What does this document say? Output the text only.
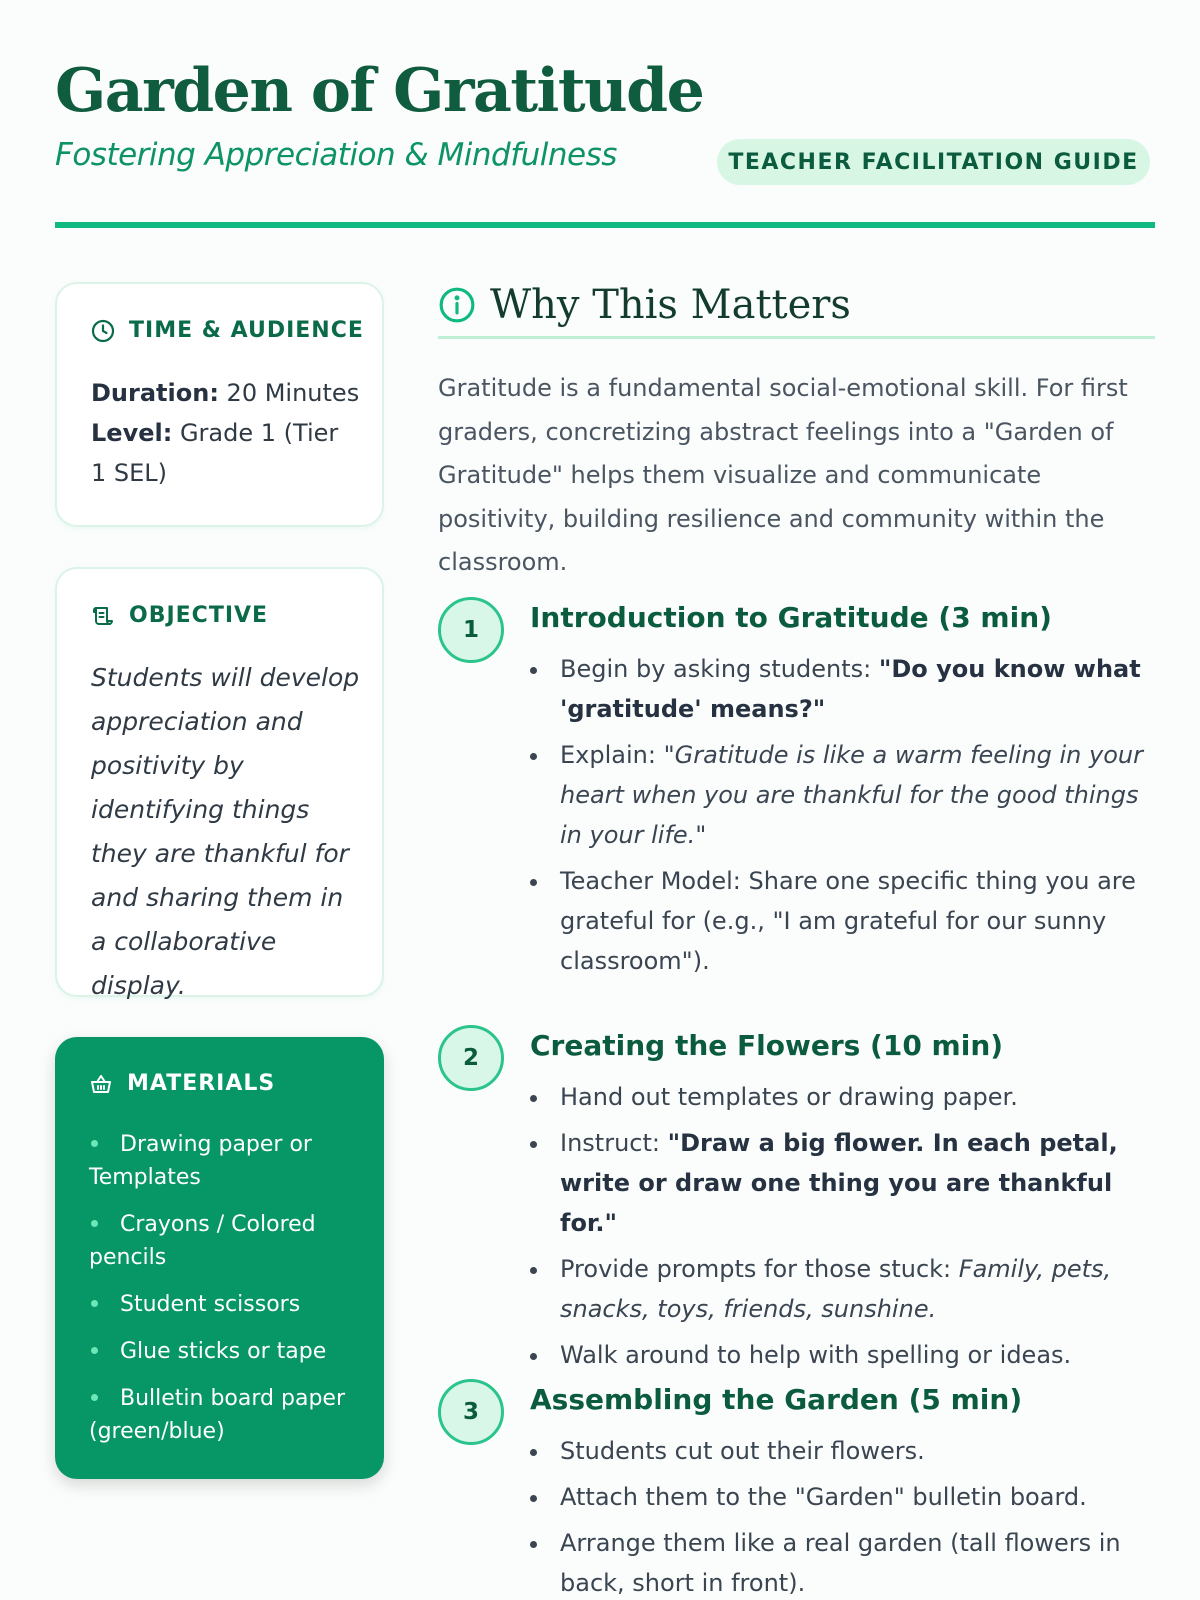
Garden of Gratitude
Fostering Appreciation & Mindfulness	TEACHER FACILITATION GUIDE
TIME & AUDIENCE
Duration: 20 Minutes
Level: Grade 1 (Tier 1 SEL)
OBJECTIVE

Students will develop appreciation and positivity by identifying things they are thankful for and sharing them in a collaborative display.

MATERIALS
Drawing paper or Templates
Crayons / Colored pencils
Student scissors
Glue sticks or tape
Bulletin board paper (green/blue)
Why This Matters

Gratitude is a fundamental social-emotional skill. For first graders, concretizing abstract feelings into a "Garden of Gratitude" helps them visualize and communicate positivity, building resilience and community within the classroom.

1	Introduction to Gratitude (3 min)
Begin by asking students: "Do you know what 'gratitude' means?"
Explain: "Gratitude is like a warm feeling in your heart when you are thankful for the good things in your life."
Teacher Model: Share one specific thing you are grateful for (e.g., "I am grateful for our sunny classroom").
2	Creating the Flowers (10 min)
Hand out templates or drawing paper.
Instruct: "Draw a big flower. In each petal, write or draw one thing you are thankful for."
Provide prompts for those stuck: Family, pets, snacks, toys, friends, sunshine.
Walk around to help with spelling or ideas.
3	Assembling the Garden (5 min)
Students cut out their flowers.
Attach them to the "Garden" bulletin board.
Arrange them like a real garden (tall flowers in back, short in front).
